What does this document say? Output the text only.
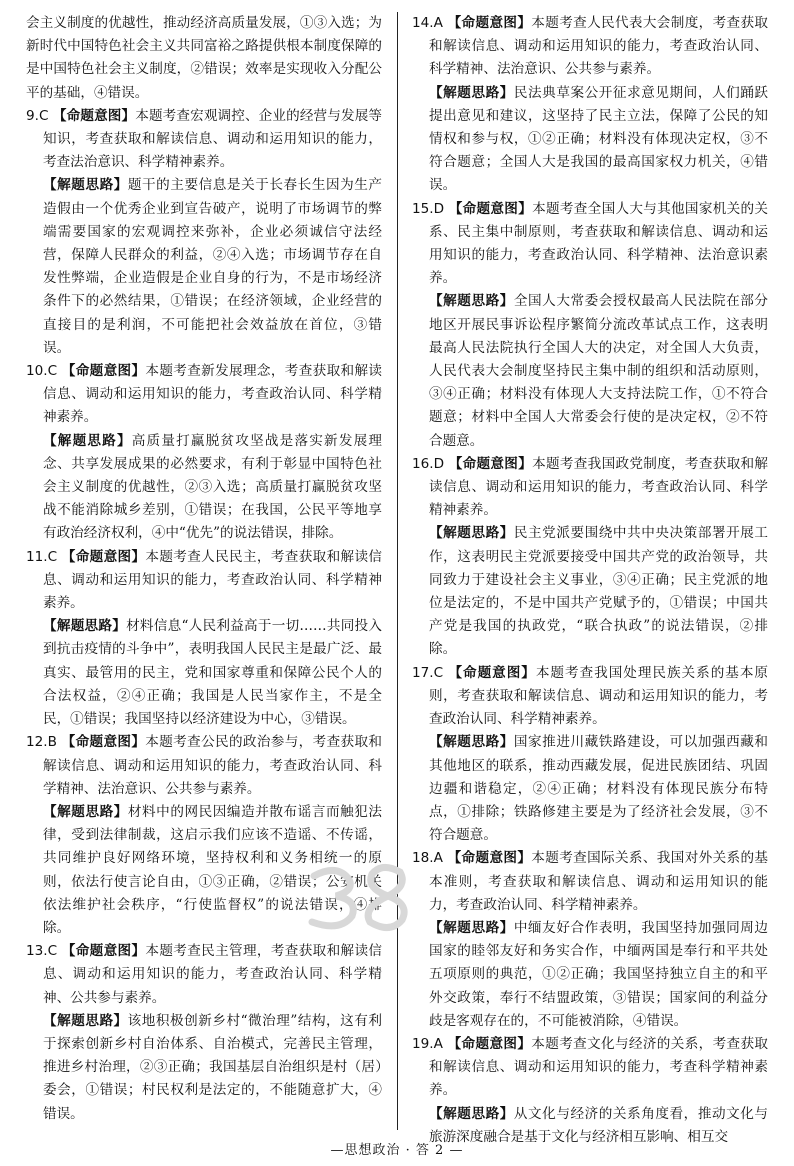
会主义制度的优越性，推动经济高质量发展，①③入选；为新时代中国特色社会主义共同富裕之路提供根本制度保障的是中国特色社会主义制度，②错误；效率是实现收入分配公平的基础，④错误。

9.C 【命题意图】本题考查宏观调控、企业的经营与发展等知识，考查获取和解读信息、调动和运用知识的能力，考查法治意识、科学精神素养。

【解题思路】题干的主要信息是关于长春长生因为生产造假由一个优秀企业到宣告破产，说明了市场调节的弊端需要国家的宏观调控来弥补，企业必须诚信守法经营，保障人民群众的利益，②④入选；市场调节存在自发性弊端，企业造假是企业自身的行为，不是市场经济条件下的必然结果，①错误；在经济领域，企业经营的直接目的是利润，不可能把社会效益放在首位，③错误。

10.C 【命题意图】本题考查新发展理念，考查获取和解读信息、调动和运用知识的能力，考查政治认同、科学精神素养。

【解题思路】高质量打赢脱贫攻坚战是落实新发展理念、共享发展成果的必然要求，有利于彰显中国特色社会主义制度的优越性，②③入选；高质量打赢脱贫攻坚战不能消除城乡差别，①错误；在我国，公民平等地享有政治经济权利，④中“优先”的说法错误，排除。

11.C 【命题意图】本题考查人民民主，考查获取和解读信息、调动和运用知识的能力，考查政治认同、科学精神素养。

【解题思路】材料信息“人民利益高于一切……共同投入到抗击疫情的斗争中”，表明我国人民民主是最广泛、最真实、最管用的民主，党和国家尊重和保障公民个人的合法权益，②④正确；我国是人民当家作主，不是全民，①错误；我国坚持以经济建设为中心，③错误。

12.B 【命题意图】本题考查公民的政治参与，考查获取和解读信息、调动和运用知识的能力，考查政治认同、科学精神、法治意识、公共参与素养。

【解题思路】材料中的网民因编造并散布谣言而触犯法律，受到法律制裁，这启示我们应该不造谣、不传谣，共同维护良好网络环境，坚持权利和义务相统一的原则，依法行使言论自由，①③正确，②错误；公安机关依法维护社会秩序，“行使监督权”的说法错误，④排除。

13.C 【命题意图】本题考查民主管理，考查获取和解读信息、调动和运用知识的能力，考查政治认同、科学精神、公共参与素养。

【解题思路】该地积极创新乡村“微治理”结构，这有利于探索创新乡村自治体系、自治模式，完善民主管理，推进乡村治理，②③正确；我国基层自治组织是村（居）委会，①错误；村民权利是法定的，不能随意扩大，④错误。

14.A 【命题意图】本题考查人民代表大会制度，考查获取和解读信息、调动和运用知识的能力，考查政治认同、科学精神、法治意识、公共参与素养。

【解题思路】民法典草案公开征求意见期间，人们踊跃提出意见和建议，这坚持了民主立法，保障了公民的知情权和参与权，①②正确；材料没有体现决定权，③不符合题意；全国人大是我国的最高国家权力机关，④错误。

15.D 【命题意图】本题考查全国人大与其他国家机关的关系、民主集中制原则，考查获取和解读信息、调动和运用知识的能力，考查政治认同、科学精神、法治意识素养。

【解题思路】全国人大常委会授权最高人民法院在部分地区开展民事诉讼程序繁简分流改革试点工作，这表明最高人民法院执行全国人大的决定，对全国人大负责，人民代表大会制度坚持民主集中制的组织和活动原则，③④正确；材料没有体现人大支持法院工作，①不符合题意；材料中全国人大常委会行使的是决定权，②不符合题意。

16.D 【命题意图】本题考查我国政党制度，考查获取和解读信息、调动和运用知识的能力，考查政治认同、科学精神素养。

【解题思路】民主党派要围绕中共中央决策部署开展工作，这表明民主党派要接受中国共产党的政治领导，共同致力于建设社会主义事业，③④正确；民主党派的地位是法定的，不是中国共产党赋予的，①错误；中国共产党是我国的执政党，“联合执政”的说法错误，②排除。

17.C 【命题意图】本题考查我国处理民族关系的基本原则，考查获取和解读信息、调动和运用知识的能力，考查政治认同、科学精神素养。

【解题思路】国家推进川藏铁路建设，可以加强西藏和其他地区的联系，推动西藏发展，促进民族团结、巩固边疆和谐稳定，②④正确；材料没有体现民族分布特点，①排除；铁路修建主要是为了经济社会发展，③不符合题意。

18.A 【命题意图】本题考查国际关系、我国对外关系的基本准则，考查获取和解读信息、调动和运用知识的能力，考查政治认同、科学精神素养。

【解题思路】中缅友好合作表明，我国坚持加强同周边国家的睦邻友好和务实合作，中缅两国是奉行和平共处五项原则的典范，①②正确；我国坚持独立自主的和平外交政策，奉行不结盟政策，③错误；国家间的利益分歧是客观存在的，不可能被消除，④错误。

19.A 【命题意图】本题考查文化与经济的关系，考查获取和解读信息、调动和运用知识的能力，考查科学精神素养。

【解题思路】从文化与经济的关系角度看，推动文化与旅游深度融合是基于文化与经济相互影响、相互交

—思想政治 · 答 2 —
